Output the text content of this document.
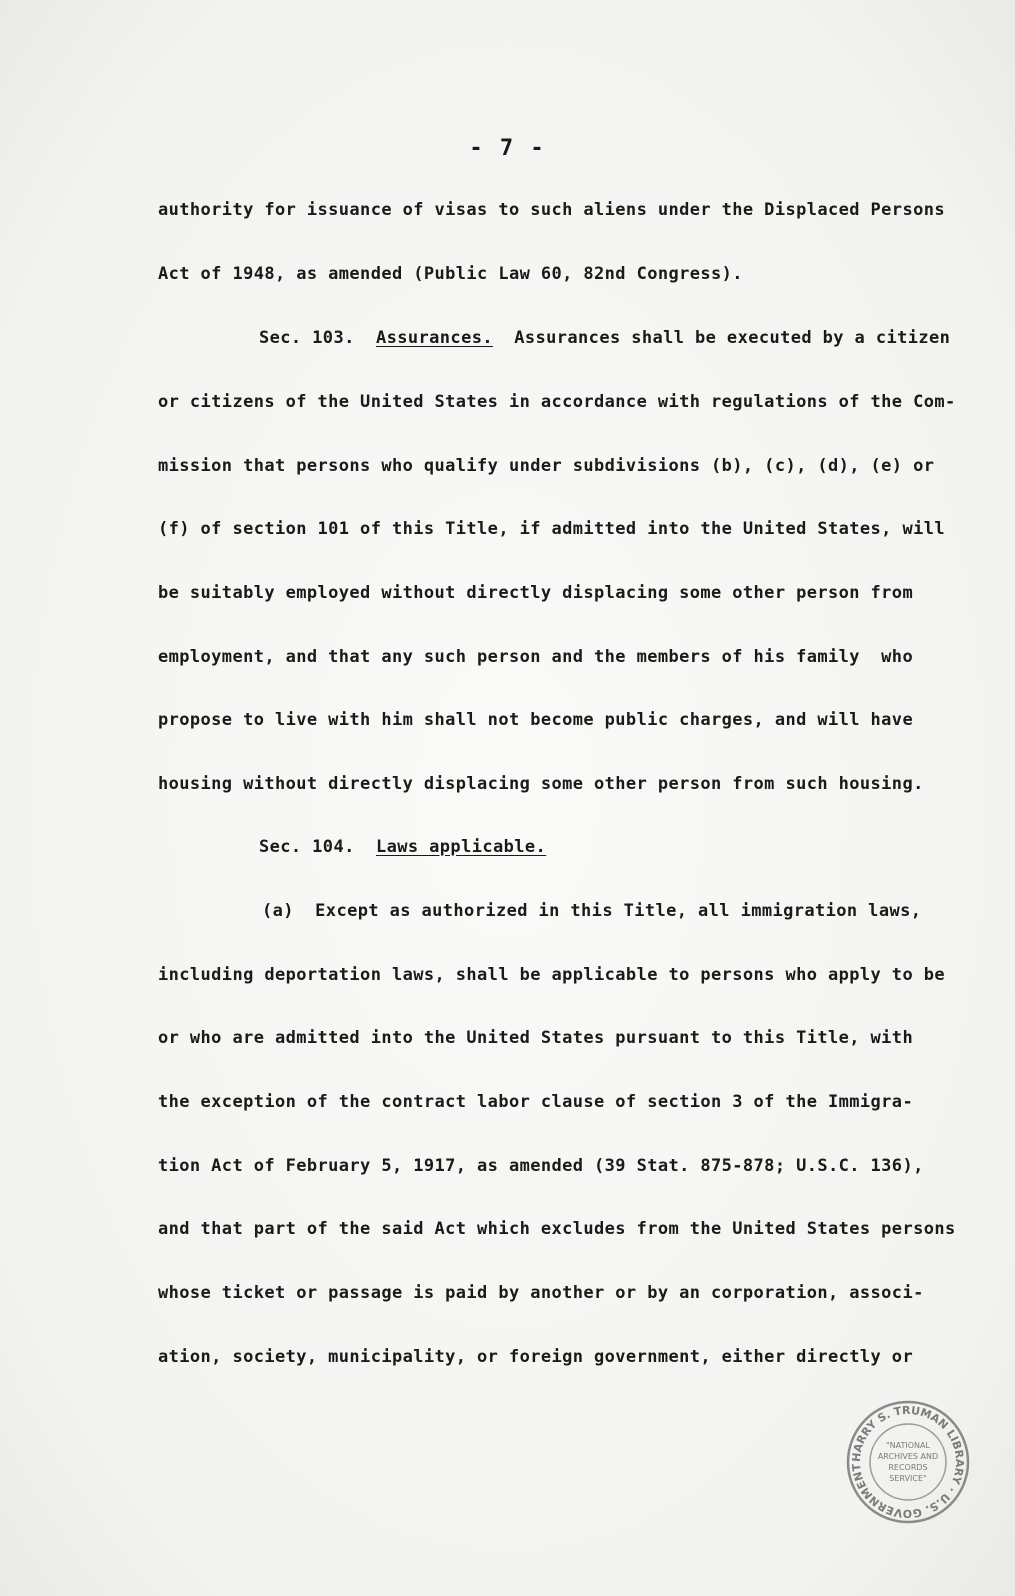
- 7 -
authority for issuance of visas to such aliens under the Displaced Persons
Act of 1948, as amended (Public Law 60, 82nd Congress).
Sec. 103.  Assurances.  Assurances shall be executed by a citizen
or citizens of the United States in accordance with regulations of the Com-
mission that persons who qualify under subdivisions (b), (c), (d), (e) or
(f) of section 101 of this Title, if admitted into the United States, will
be suitably employed without directly displacing some other person from
employment, and that any such person and the members of his family  who
propose to live with him shall not become public charges, and will have
housing without directly displacing some other person from such housing.
Sec. 104.  Laws applicable.
(a)  Except as authorized in this Title, all immigration laws,
including deportation laws, shall be applicable to persons who apply to be
or who are admitted into the United States pursuant to this Title, with
the exception of the contract labor clause of section 3 of the Immigra-
tion Act of February 5, 1917, as amended (39 Stat. 875-878; U.S.C. 136),
and that part of the said Act which excludes from the United States persons
whose ticket or passage is paid by another or by an corporation, associ-
ation, society, municipality, or foreign government, either directly or
HARRY S. TRUMAN LIBRARY · U.S. GOVERNMENT
"NATIONAL
ARCHIVES AND
RECORDS
SERVICE"
